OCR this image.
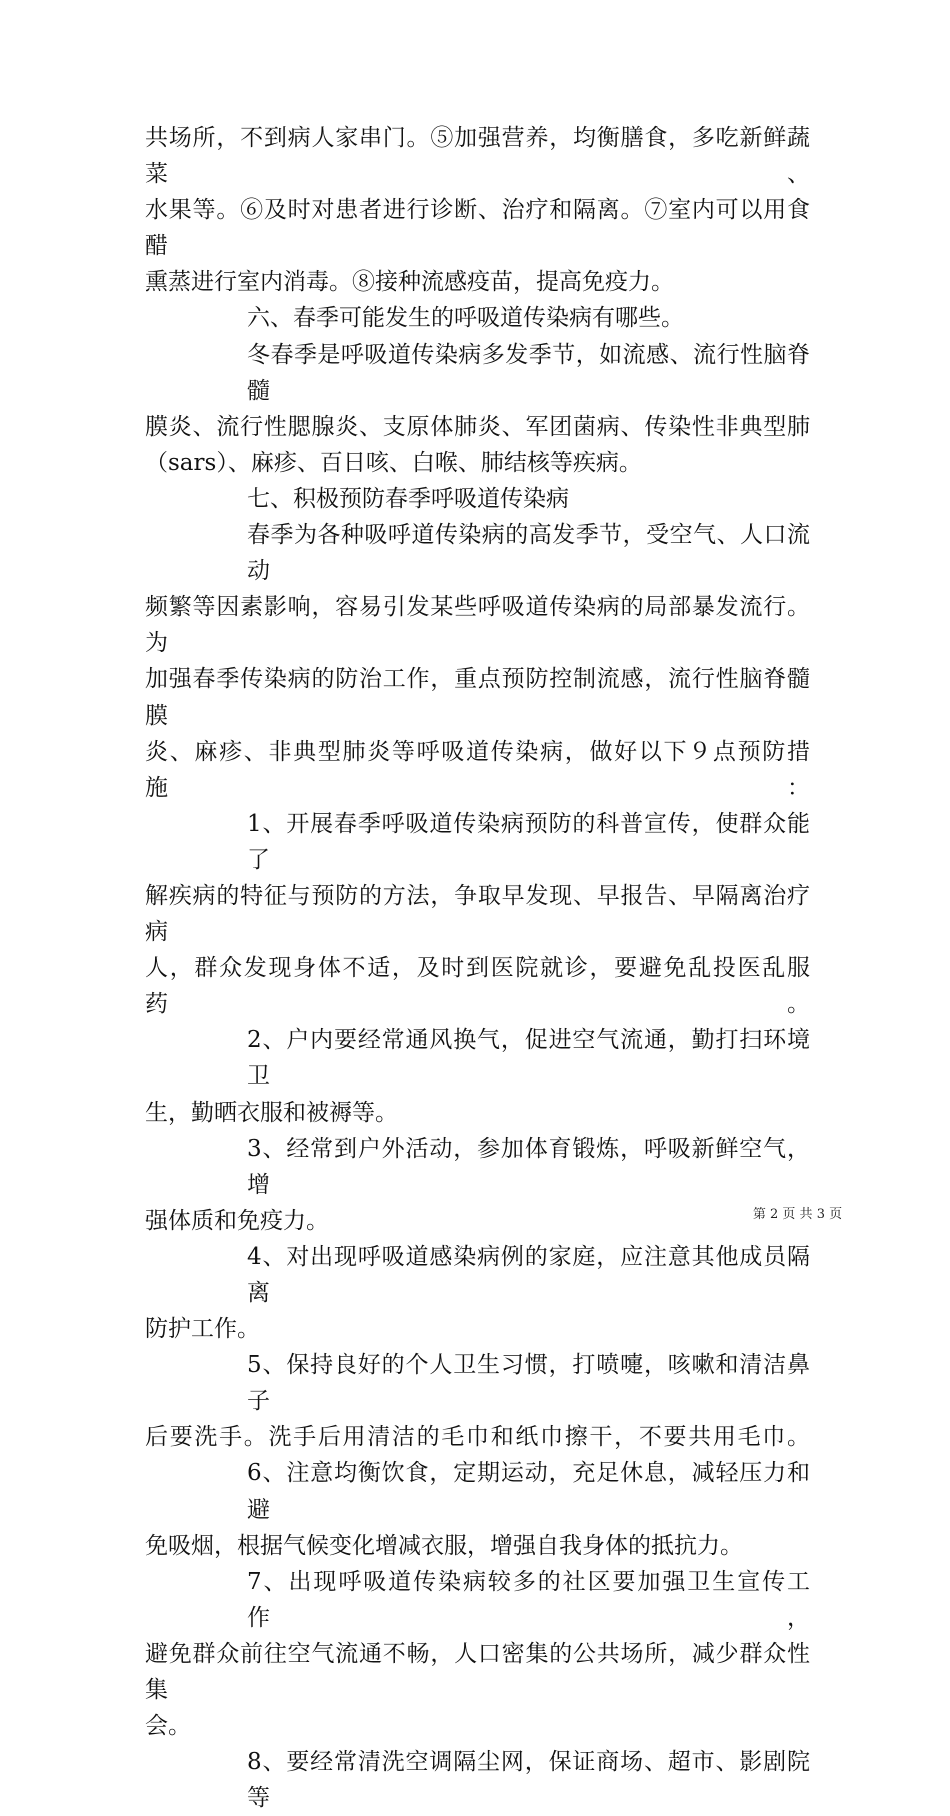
共场所，不到病人家串门。⑤加强营养，均衡膳食，多吃新鲜蔬菜、
水果等。⑥及时对患者进行诊断、治疗和隔离。⑦室内可以用食醋
熏蒸进行室内消毒。⑧接种流感疫苗，提高免疫力。
六、春季可能发生的呼吸道传染病有哪些。
冬春季是呼吸道传染病多发季节，如流感、流行性脑脊髓
膜炎、流行性腮腺炎、支原体肺炎、军团菌病、传染性非典型肺
（sars）、麻疹、百日咳、白喉、肺结核等疾病。
七、积极预防春季呼吸道传染病
春季为各种吸呼道传染病的高发季节，受空气、人口流动
频繁等因素影响，容易引发某些呼吸道传染病的局部暴发流行。为
加强春季传染病的防治工作，重点预防控制流感，流行性脑脊髓膜
炎、麻疹、非典型肺炎等呼吸道传染病，做好以下９点预防措施：
1、开展春季呼吸道传染病预防的科普宣传，使群众能了
解疾病的特征与预防的方法，争取早发现、早报告、早隔离治疗病
人，群众发现身体不适，及时到医院就诊，要避免乱投医乱服药。
2、户内要经常通风换气，促进空气流通，勤打扫环境卫
生，勤晒衣服和被褥等。
3、经常到户外活动，参加体育锻炼，呼吸新鲜空气，增
强体质和免疫力。
4、对出现呼吸道感染病例的家庭，应注意其他成员隔离
防护工作。
5、保持良好的个人卫生习惯，打喷嚏，咳嗽和清洁鼻子
后要洗手。洗手后用清洁的毛巾和纸巾擦干，不要共用毛巾。
6、注意均衡饮食，定期运动，充足休息，减轻压力和避
免吸烟，根据气候变化增减衣服，增强自我身体的抵抗力。
7、出现呼吸道传染病较多的社区要加强卫生宣传工作，
避免群众前往空气流通不畅，人口密集的公共场所，减少群众性集
会。
8、要经常清洗空调隔尘网，保证商场、超市、影剧院等
第 2 页 共 3 页
